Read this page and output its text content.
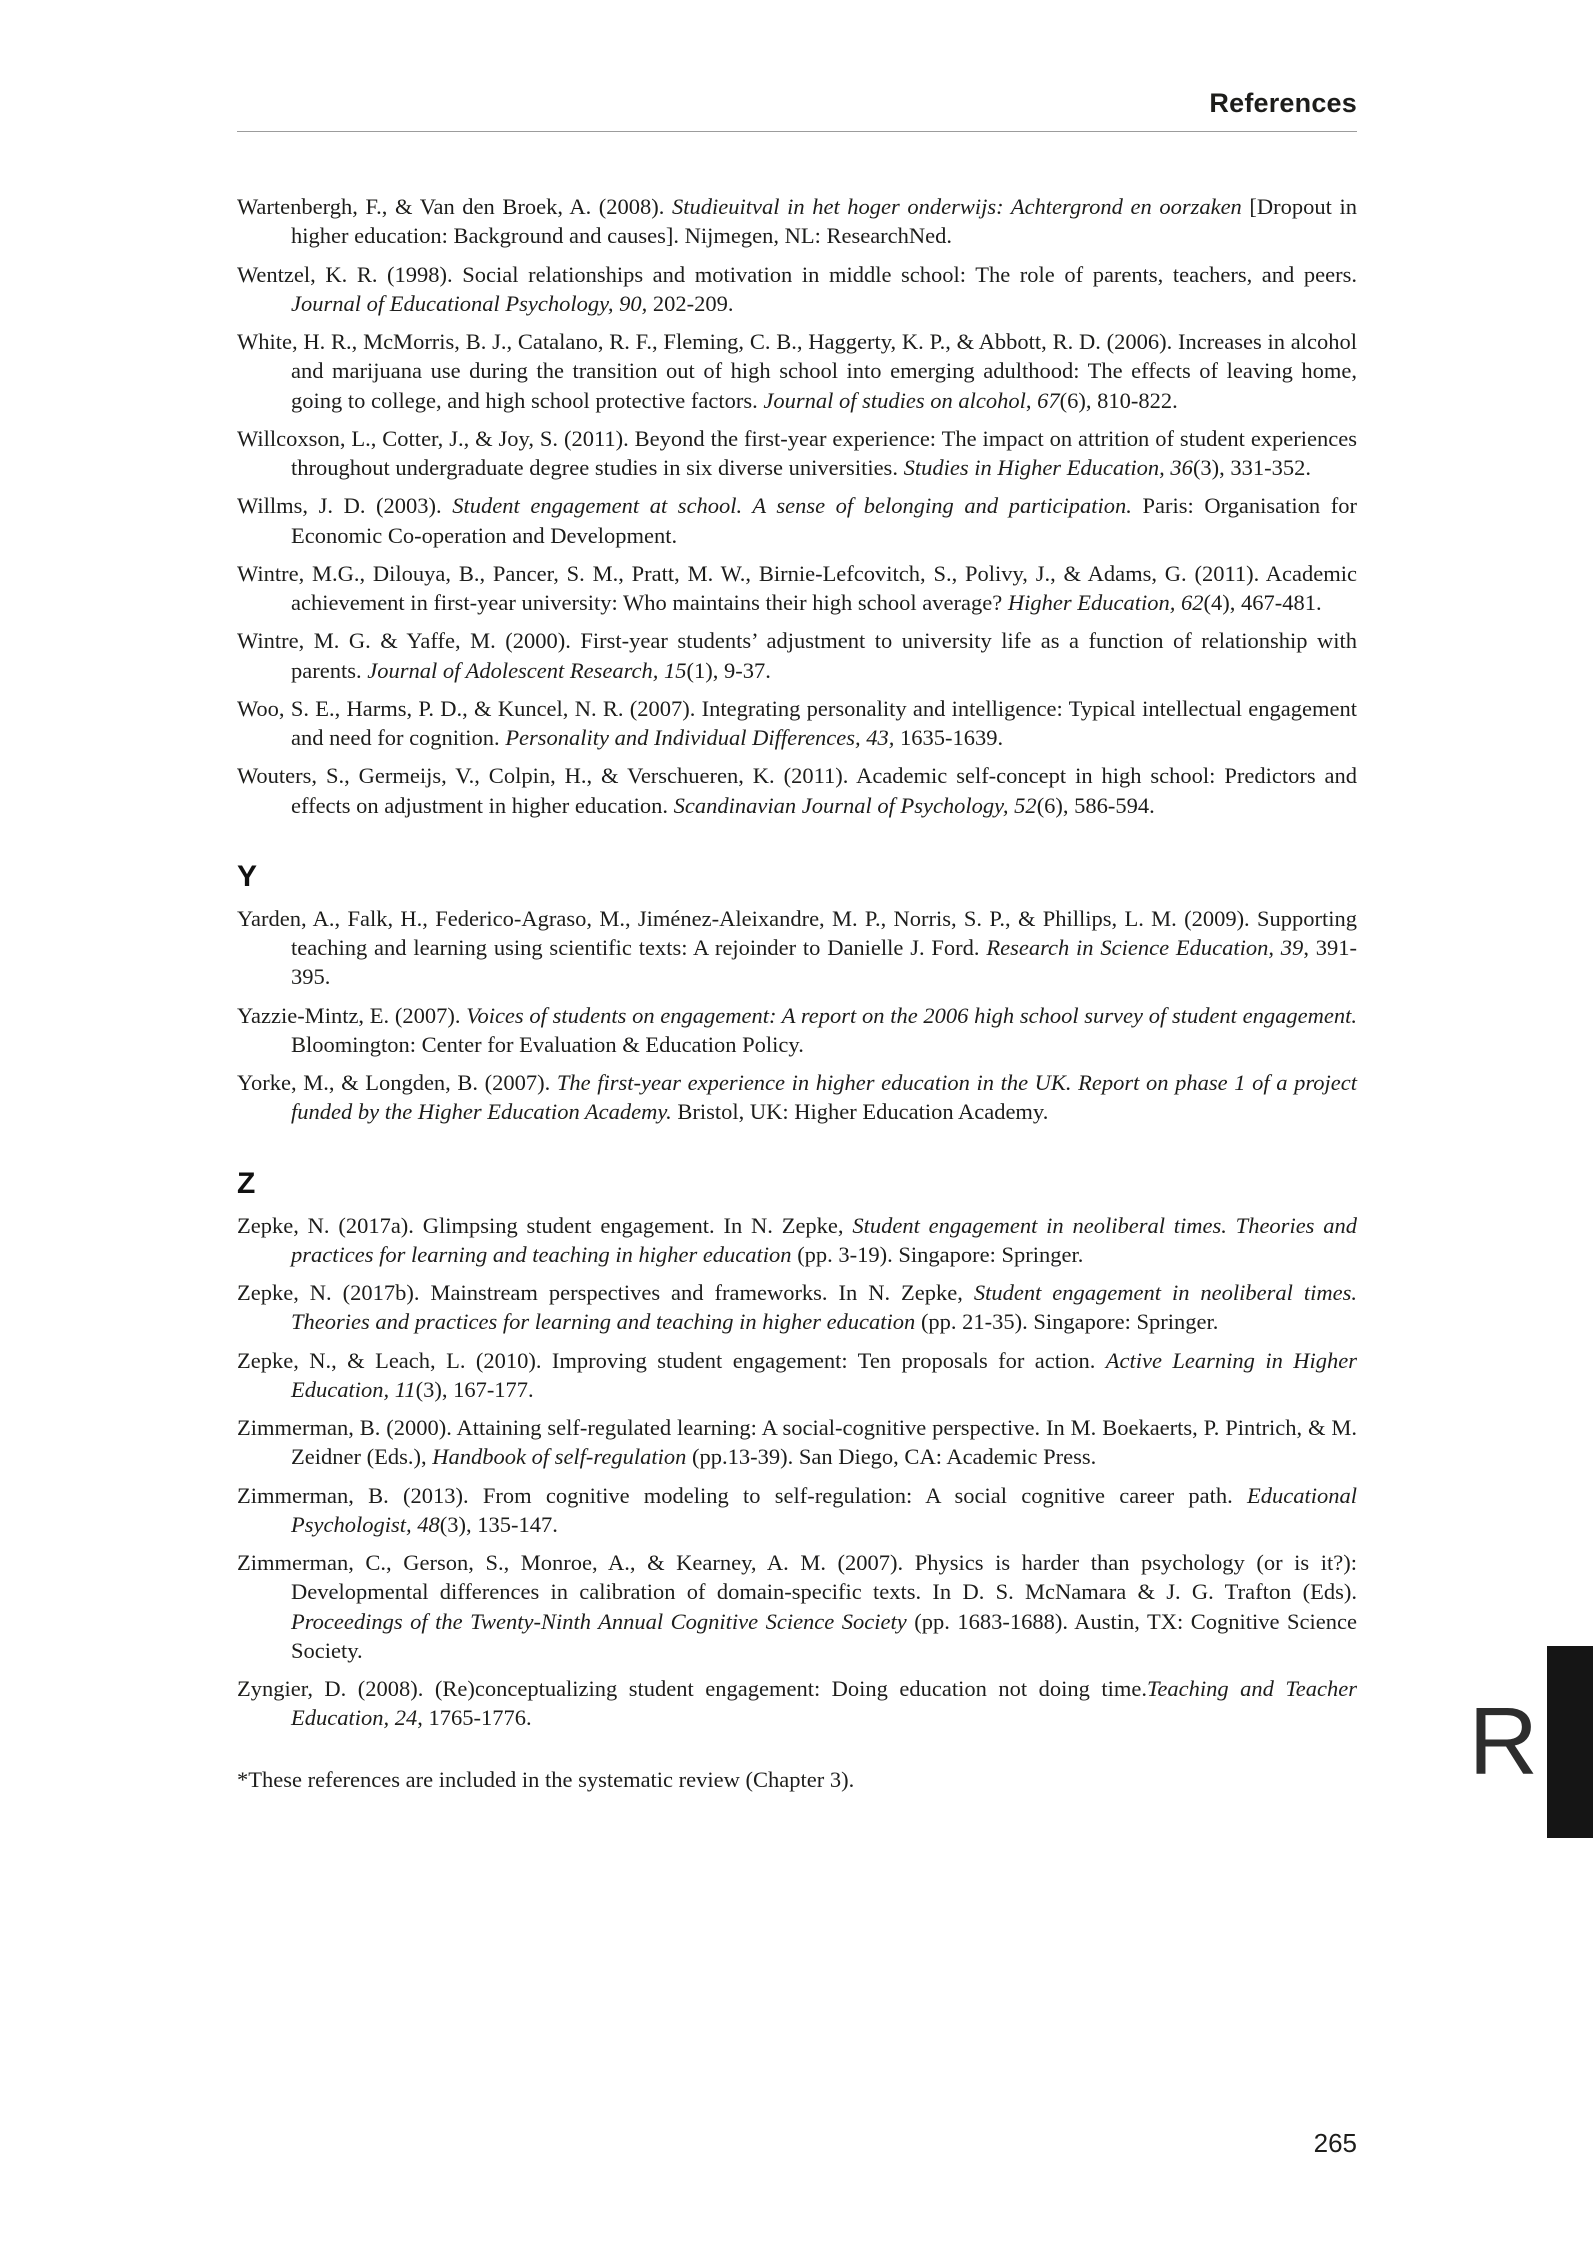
References

Wartenbergh, F., & Van den Broek, A. (2008). Studieuitval in het hoger onderwijs: Achtergrond en oorzaken [Dropout in higher education: Background and causes]. Nijmegen, NL: ResearchNed.

Wentzel, K. R. (1998). Social relationships and motivation in middle school: The role of parents, teachers, and peers. Journal of Educational Psychology, 90, 202-209.

White, H. R., McMorris, B. J., Catalano, R. F., Fleming, C. B., Haggerty, K. P., & Abbott, R. D. (2006). Increases in alcohol and marijuana use during the transition out of high school into emerging adulthood: The effects of leaving home, going to college, and high school protective factors. Journal of studies on alcohol, 67(6), 810-822.

Willcoxson, L., Cotter, J., & Joy, S. (2011). Beyond the first-year experience: The impact on attrition of student experiences throughout undergraduate degree studies in six diverse universities. Studies in Higher Education, 36(3), 331-352.

Willms, J. D. (2003). Student engagement at school. A sense of belonging and participation. Paris: Organisation for Economic Co-operation and Development.

Wintre, M.G., Dilouya, B., Pancer, S. M., Pratt, M. W., Birnie-Lefcovitch, S., Polivy, J., & Adams, G. (2011). Academic achievement in first-year university: Who maintains their high school average? Higher Education, 62(4), 467-481.

Wintre, M. G. & Yaffe, M. (2000). First-year students’ adjustment to university life as a function of relationship with parents. Journal of Adolescent Research, 15(1), 9-37.

Woo, S. E., Harms, P. D., & Kuncel, N. R. (2007). Integrating personality and intelligence: Typical intellectual engagement and need for cognition. Personality and Individual Differences, 43, 1635-1639.

Wouters, S., Germeijs, V., Colpin, H., & Verschueren, K. (2011). Academic self-concept in high school: Predictors and effects on adjustment in higher education. Scandinavian Journal of Psychology, 52(6), 586-594.

Y

Yarden, A., Falk, H., Federico-Agraso, M., Jiménez-Aleixandre, M. P., Norris, S. P., & Phillips, L. M. (2009). Supporting teaching and learning using scientific texts: A rejoinder to Danielle J. Ford. Research in Science Education, 39, 391-395.

Yazzie-Mintz, E. (2007). Voices of students on engagement: A report on the 2006 high school survey of student engagement. Bloomington: Center for Evaluation & Education Policy.

Yorke, M., & Longden, B. (2007). The first-year experience in higher education in the UK. Report on phase 1 of a project funded by the Higher Education Academy. Bristol, UK: Higher Education Academy.

Z

Zepke, N. (2017a). Glimpsing student engagement. In N. Zepke, Student engagement in neoliberal times. Theories and practices for learning and teaching in higher education (pp. 3-19). Singapore: Springer.

Zepke, N. (2017b). Mainstream perspectives and frameworks. In N. Zepke, Student engagement in neoliberal times. Theories and practices for learning and teaching in higher education (pp. 21-35). Singapore: Springer.

Zepke, N., & Leach, L. (2010). Improving student engagement: Ten proposals for action. Active Learning in Higher Education, 11(3), 167-177.

Zimmerman, B. (2000). Attaining self-regulated learning: A social-cognitive perspective. In M. Boekaerts, P. Pintrich, & M. Zeidner (Eds.), Handbook of self-regulation (pp.13-39). San Diego, CA: Academic Press.

Zimmerman, B. (2013). From cognitive modeling to self-regulation: A social cognitive career path. Educational Psychologist, 48(3), 135-147.

Zimmerman, C., Gerson, S., Monroe, A., & Kearney, A. M. (2007). Physics is harder than psychology (or is it?): Developmental differences in calibration of domain-specific texts. In D. S. McNamara & J. G. Trafton (Eds). Proceedings of the Twenty-Ninth Annual Cognitive Science Society (pp. 1683-1688). Austin, TX: Cognitive Science Society.

Zyngier, D. (2008). (Re)conceptualizing student engagement: Doing education not doing time.Teaching and Teacher Education, 24, 1765-1776.

*These references are included in the systematic review (Chapter 3).	R
265
